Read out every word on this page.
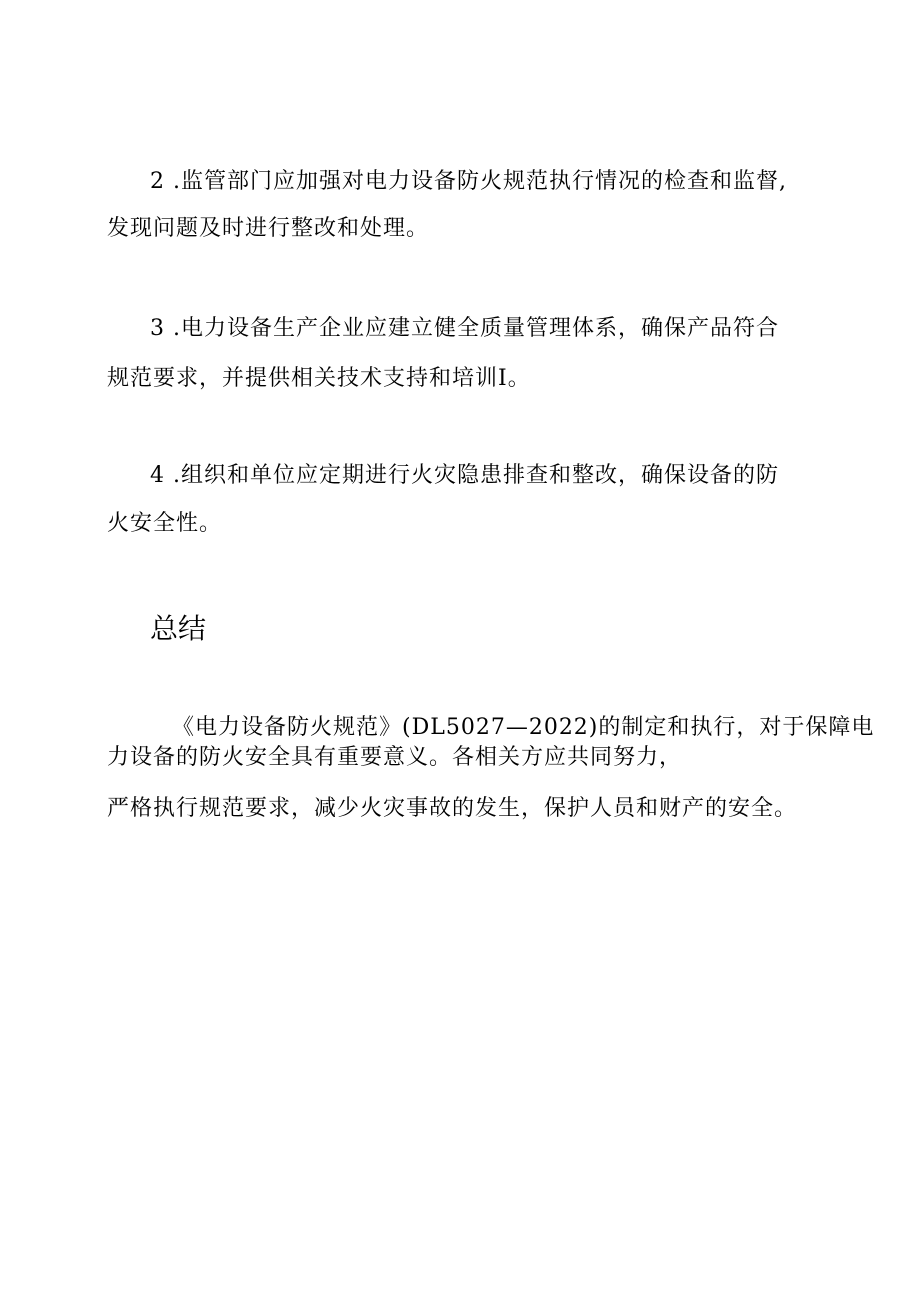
2 .监管部门应加强对电力设备防火规范执行情况的检查和监督,
发现问题及时进行整改和处理。
3 .电力设备生产企业应建立健全质量管理体系，确保产品符合
规范要求，并提供相关技术支持和培训I。
4 .组织和单位应定期进行火灾隐患排查和整改，确保设备的防
火安全性。
总结
《电力设备防火规范》(DL5027—2022)的制定和执行，对于保障电
力设备的防火安全具有重要意义。各相关方应共同努力，
严格执行规范要求，减少火灾事故的发生，保护人员和财产的安全。
